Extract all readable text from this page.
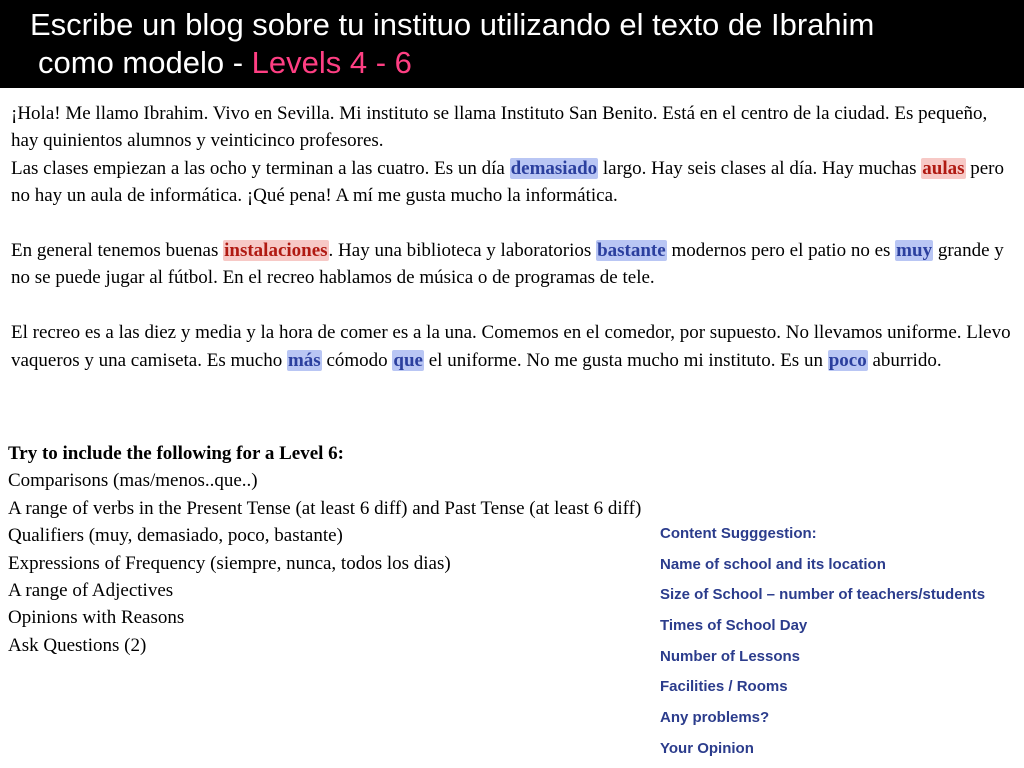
Escribe un blog sobre tu instituo utilizando el texto de Ibrahim
como modelo - Levels 4 - 6

¡Hola! Me llamo Ibrahim. Vivo en Sevilla. Mi instituto se llama Instituto San Benito. Está en el centro de la ciudad. Es pequeño, hay quinientos alumnos y veinticinco profesores.

Las clases empiezan a las ocho y terminan a las cuatro. Es un día demasiado largo. Hay seis clases al día. Hay muchas aulas pero no hay un aula de informática. ¡Qué pena! A mí me gusta mucho la informática.

En general tenemos buenas instalaciones. Hay una biblioteca y laboratorios bastante modernos pero el patio no es muy grande y no se puede jugar al fútbol. En el recreo hablamos de música o de programas de tele.

El recreo es a las diez y media y la hora de comer es a la una. Comemos en el comedor, por supuesto. No llevamos uniforme. Llevo vaqueros y una camiseta. Es mucho más cómodo que el uniforme. No me gusta mucho mi instituto. Es un poco aburrido.

Try to include the following for a Level 6:
Comparisons (mas/menos..que..)
A range of verbs in the Present Tense (at least 6 diff) and Past Tense (at least 6 diff)
Qualifiers (muy, demasiado, poco, bastante)
Expressions of Frequency (siempre, nunca, todos los dias)
A range of Adjectives
Opinions with Reasons
Ask Questions (2)
Content Sugggestion:
Name of school and its location
Size of School – number of teachers/students
Times of School Day
Number of Lessons
Facilities / Rooms
Any problems?
Your Opinion
